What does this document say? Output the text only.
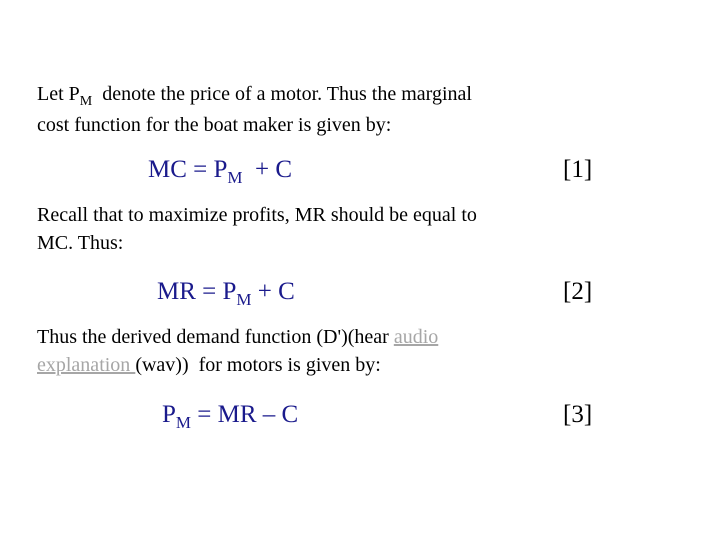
Let $P_M$  denote the price of a motor. Thus the marginal
cost function for the boat maker is given by:

MC = $P_M + C$	[1]

Recall that to maximize profits, MR should be equal to
MC. Thus:

MR = $P_M + C$	[2]

Thus the derived demand function (D')(hear audio
explanation (wav))  for motors is given by:

$P_M$ = MR – C	[3]
